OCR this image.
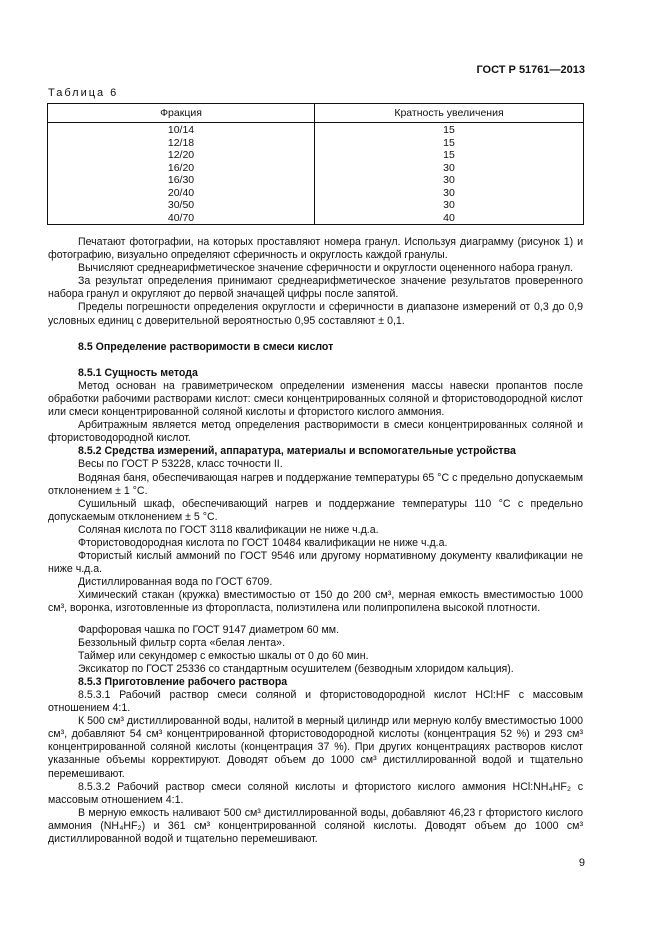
ГОСТ Р 51761—2013
Таблица 6
Фракция	Кратность увеличения
10/14	15
12/18	15
12/20	15
16/20	30
16/30	30
20/40	30
30/50	30
40/70	40

Печатают фотографии, на которых проставляют номера гранул. Используя диаграмму (рисунок 1) и фотографию, визуально определяют сферичность и округлость каждой гранулы.

Вычисляют среднеарифметическое значение сферичности и округлости оцененного набора гранул.

За результат определения принимают среднеарифметическое значение результатов проверенного набора гранул и округляют до первой значащей цифры после запятой.

Пределы погрешности определения округлости и сферичности в диапазоне измерений от 0,3 до 0,9 условных единиц с доверительной вероятностью 0,95 составляют ± 0,1.

8.5 Определение растворимости в смеси кислот

8.5.1 Сущность метода

Метод основан на гравиметрическом определении изменения массы навески пропантов после обработки рабочими растворами кислот: смеси концентрированных соляной и фтористоводородной кислот или смеси концентрированной соляной кислоты и фтористого кислого аммония.

Арбитражным является метод определения растворимости в смеси концентрированных соляной и фтористоводородной кислот.

8.5.2 Средства измерений, аппаратура, материалы и вспомогательные устройства

Весы по ГОСТ Р 53228, класс точности II.

Водяная баня, обеспечивающая нагрев и поддержание температуры 65 °С с предельно допускаемым отклонением ± 1 °С.

Сушильный шкаф, обеспечивающий нагрев и поддержание температуры 110 °С с предельно допускаемым отклонением ± 5 °С.

Соляная кислота по ГОСТ 3118 квалификации не ниже ч.д.а.

Фтористоводородная кислота по ГОСТ 10484 квалификации не ниже ч.д.а.

Фтористый кислый аммоний по ГОСТ 9546 или другому нормативному документу квалификации не ниже ч.д.а.

Дистиллированная вода по ГОСТ 6709.

Химический стакан (кружка) вместимостью от 150 до 200 см³, мерная емкость вместимостью 1000 см³, воронка, изготовленные из фторопласта, полиэтилена или полипропилена высокой плотности.

Фарфоровая чашка по ГОСТ 9147 диаметром 60 мм.

Беззольный фильтр сорта «белая лента».

Таймер или секундомер с емкостью шкалы от 0 до 60 мин.

Эксикатор по ГОСТ 25336 со стандартным осушителем (безводным хлоридом кальция).

8.5.3 Приготовление рабочего раствора

8.5.3.1 Рабочий раствор смеси соляной и фтористоводородной кислот HCl:HF с массовым отношением 4:1.

К 500 см³ дистиллированной воды, налитой в мерный цилиндр или мерную колбу вместимостью 1000 см³, добавляют 54 см³ концентрированной фтористоводородной кислоты (концентрация 52 %) и 293 см³ концентрированной соляной кислоты (концентрация 37 %). При других концентрациях растворов кислот указанные объемы корректируют. Доводят объем до 1000 см³ дистиллированной водой и тщательно перемешивают.

8.5.3.2 Рабочий раствор смеси соляной кислоты и фтористого кислого аммония HCl:NH₄HF₂ с массовым отношением 4:1.

В мерную емкость наливают 500 см³ дистиллированной воды, добавляют 46,23 г фтористого кислого аммония (NH₄HF₂) и 361 см³ концентрированной соляной кислоты. Доводят объем до 1000 см³ дистиллированной водой и тщательно перемешивают.

9
